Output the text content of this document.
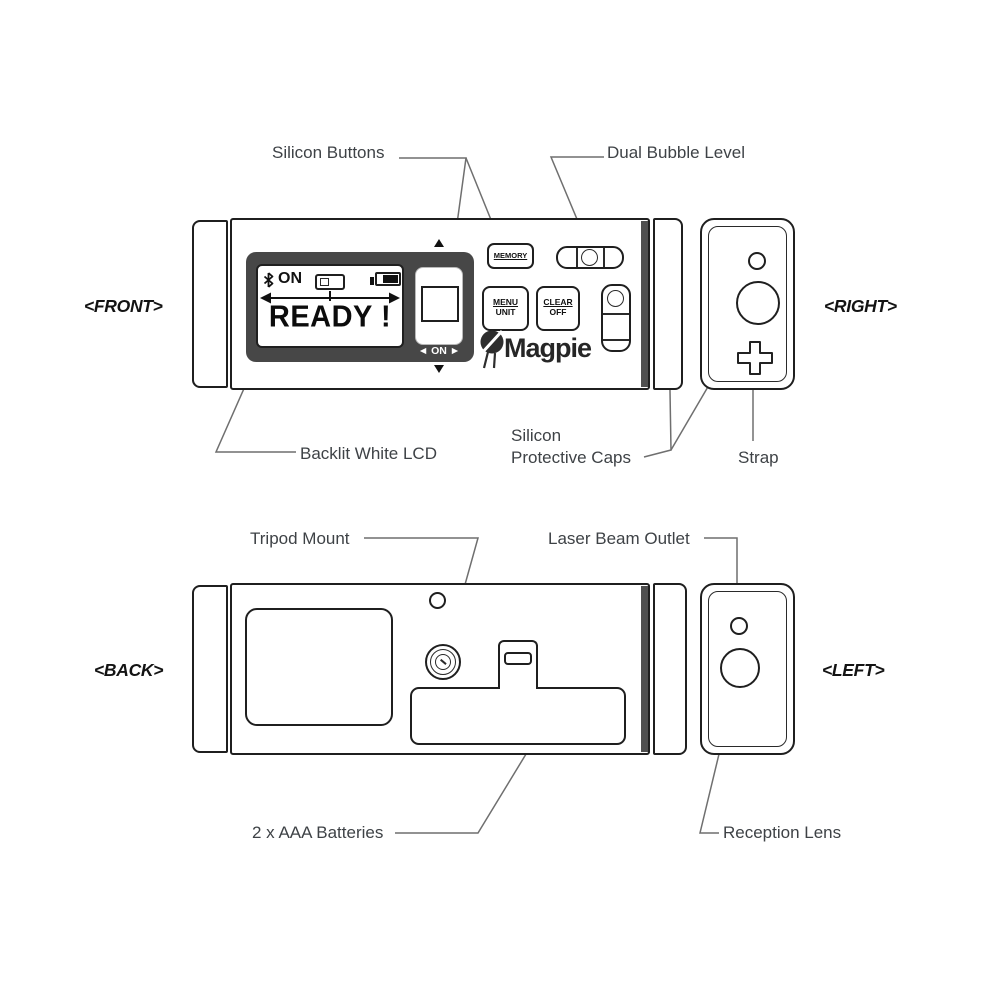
ON
READY !
◄ ON ►
MEMORY
MENU
UNIT
CLEAR
OFF
Magpie
Silicon Buttons	Dual Bubble Level
Backlit White LCD
Silicon
Protective Caps	Strap
Tripod Mount	Laser Beam Outlet
2 x AAA Batteries	Reception Lens
<FRONT>	<RIGHT>
<BACK>	<LEFT>
